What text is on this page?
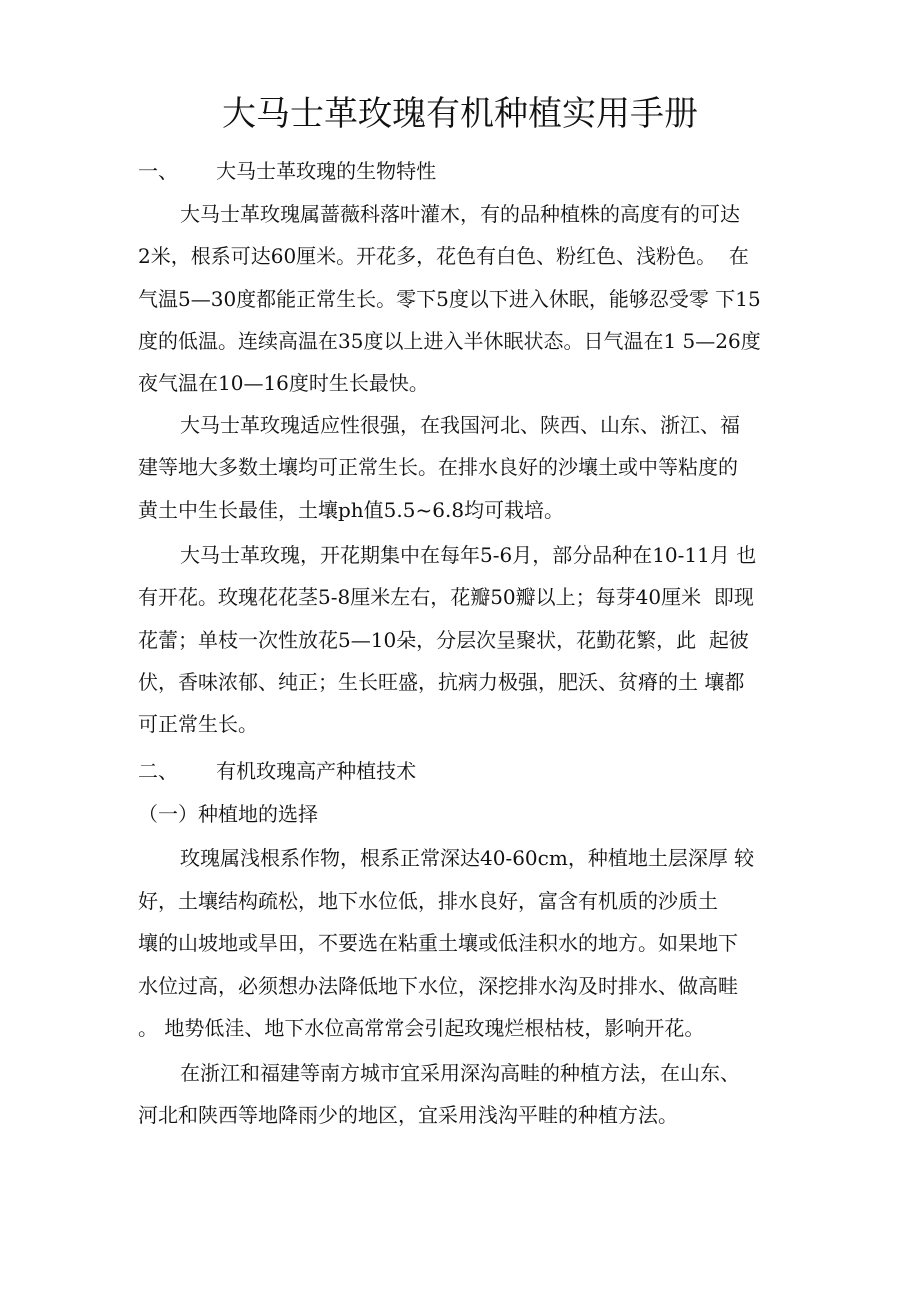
大马士革玫瑰有机种植实用手册
一、 大马士革玫瑰的生物特性
大马士革玫瑰属蔷薇科落叶灌木，有的品种植株的高度有的可达
2米，根系可达60厘米。开花多，花色有白色、粉红色、浅粉色。  在
气温5—30度都能正常生长。零下5度以下进入休眠，能够忍受零 下15
度的低温。连续高温在35度以上进入半休眠状态。日气温在1 5—26度
夜气温在10—16度时生长最快。
大马士革玫瑰适应性很强，在我国河北、陕西、山东、浙江、福
建等地大多数土壤均可正常生长。在排水良好的沙壤土或中等粘度的
黄土中生长最佳，土壤ph值5.5~6.8均可栽培。
大马士革玫瑰，开花期集中在每年5-6月，部分品种在10-11月 也
有开花。玫瑰花花茎5-8厘米左右，花瓣50瓣以上；每芽40厘米  即现
花蕾；单枝一次性放花5—10朵，分层次呈聚状，花勤花繁，此  起彼
伏，香味浓郁、纯正；生长旺盛，抗病力极强，肥沃、贫瘠的土 壤都
可正常生长。
二、 有机玫瑰高产种植技术
（一）种植地的选择
玫瑰属浅根系作物，根系正常深达40-60cm，种植地土层深厚 较
好，土壤结构疏松，地下水位低，排水良好，富含有机质的沙质土
壤的山坡地或旱田，不要选在粘重土壤或低洼积水的地方。如果地下
水位过高，必须想办法降低地下水位，深挖排水沟及时排水、做高畦
。 地势低洼、地下水位高常常会引起玫瑰烂根枯枝，影响开花。
在浙江和福建等南方城市宜采用深沟高畦的种植方法，在山东、
河北和陕西等地降雨少的地区，宜采用浅沟平畦的种植方法。
